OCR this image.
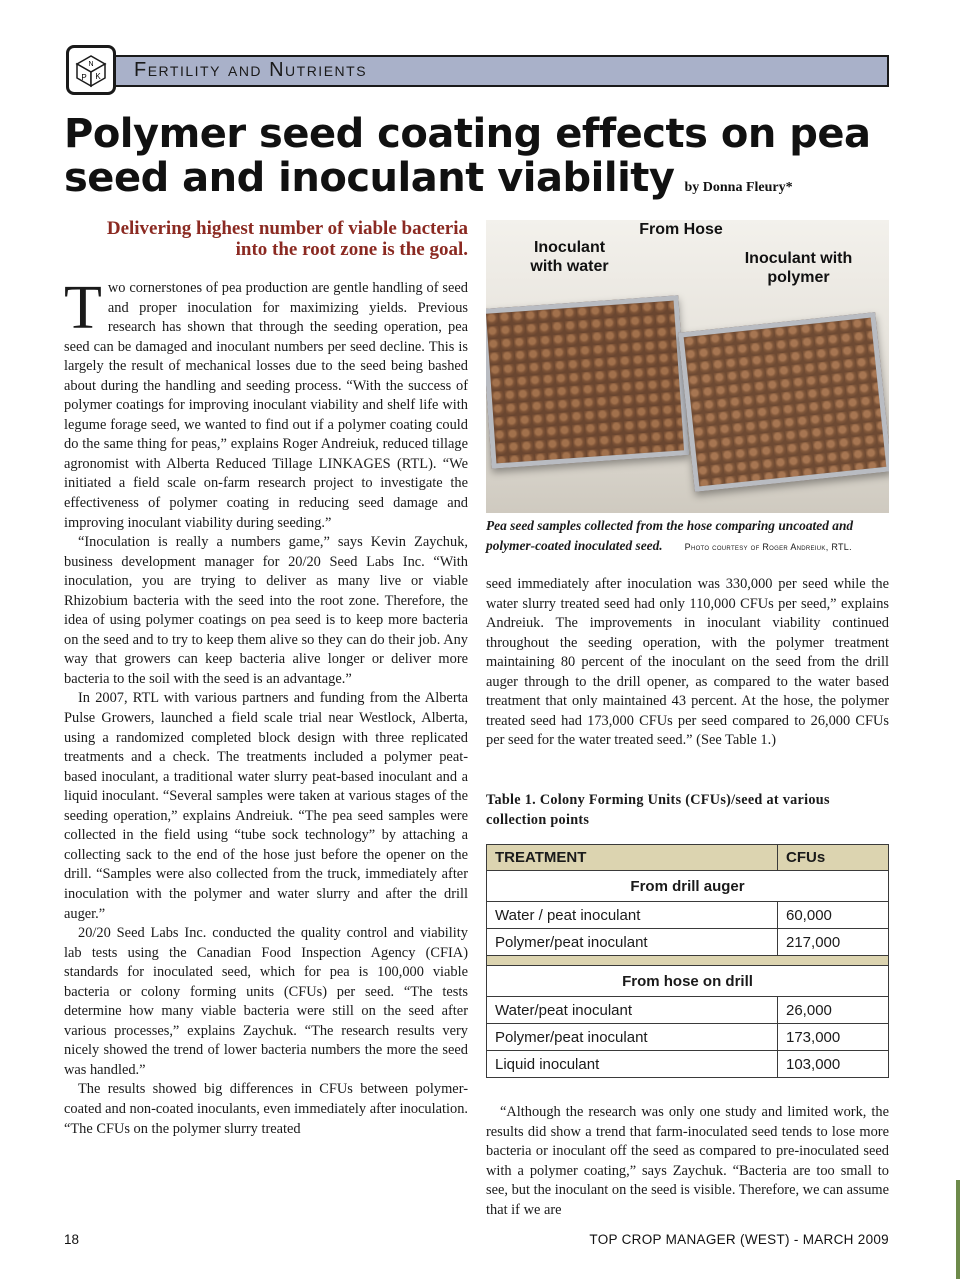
N
P K Fertility and Nutrients
Polymer seed coating effects on pea
seed and inoculant viability by Donna Fleury*
Delivering highest number of viable bacteria into the root zone is the goal.

Two cornerstones of pea production are gentle handling of seed and proper inoculation for maximizing yields. Previous research has shown that through the seeding operation, pea seed can be damaged and inoculant numbers per seed decline. This is largely the result of mechanical losses due to the seed being bashed about during the handling and seeding process. “With the success of polymer coatings for improving inoculant viability and shelf life with legume forage seed, we wanted to find out if a polymer coating could do the same thing for peas,” explains Roger Andreiuk, reduced tillage agronomist with Alberta Reduced Tillage LINKAGES (RTL). “We initiated a field scale on-farm research project to investigate the effectiveness of polymer coating in reducing seed damage and improving inoculant viability during seeding.”

“Inoculation is really a numbers game,” says Kevin Zaychuk, business development manager for 20/20 Seed Labs Inc. “With inoculation, you are trying to deliver as many live or viable Rhizobium bacteria with the seed into the root zone. Therefore, the idea of using polymer coatings on pea seed is to keep more bacteria on the seed and to try to keep them alive so they can do their job. Any way that growers can keep bacteria alive longer or deliver more bacteria to the soil with the seed is an advantage.”

In 2007, RTL with various partners and funding from the Alberta Pulse Growers, launched a field scale trial near Westlock, Alberta, using a randomized completed block design with three replicated treatments and a check. The treatments included a polymer peat-based inoculant, a traditional water slurry peat-based inoculant and a liquid inoculant. “Several samples were taken at various stages of the seeding operation,” explains Andreiuk. “The pea seed samples were collected in the field using “tube sock technology” by attaching a collecting sack to the end of the hose just before the opener on the drill. “Samples were also collected from the truck, immediately after inoculation with the polymer and water slurry and after the drill auger.”

20/20 Seed Labs Inc. conducted the quality control and viability lab tests using the Canadian Food Inspection Agency (CFIA) standards for inoculated seed, which for pea is 100,000 viable bacteria or colony forming units (CFUs) per seed. “The tests determine how many viable bacteria were still on the seed after various processes,” explains Zaychuk. “The research results very nicely showed the trend of lower bacteria numbers the more the seed was handled.”

The results showed big differences in CFUs between polymer-coated and non-coated inoculants, even immediately after inoculation. “The CFUs on the polymer slurry treated

From Hose
Inoculant with water	Inoculant with polymer
Pea seed samples collected from the hose comparing uncoated and polymer-coated inoculated seed. Photo courtesy of Roger Andreiuk, RTL.

seed immediately after inoculation was 330,000 per seed while the water slurry treated seed had only 110,000 CFUs per seed,” explains Andreiuk. The improvements in inoculant viability continued throughout the seeding operation, with the polymer treatment maintaining 80 percent of the inoculant on the seed from the drill auger through to the drill opener, as compared to the water based treatment that only maintained 43 percent. At the hose, the polymer treated seed had 173,000 CFUs per seed compared to 26,000 CFUs per seed for the water treated seed.” (See Table 1.)

Table 1. Colony Forming Units (CFUs)/seed at various collection points
TREATMENT	CFUs
From drill auger	
Water / peat inoculant	60,000
Polymer/peat inoculant	217,000

From hose on drill	
Water/peat inoculant	26,000
Polymer/peat inoculant	173,000
Liquid inoculant	103,000

“Although the research was only one study and limited work, the results did show a trend that farm-inoculated seed tends to lose more bacteria or inoculant off the seed as compared to pre-inoculated seed with a polymer coating,” says Zaychuk. “Bacteria are too small to see, but the inoculant on the seed is visible. Therefore, we can assume that if we are

18	TOP CROP MANAGER (WEST) - MARCH 2009
